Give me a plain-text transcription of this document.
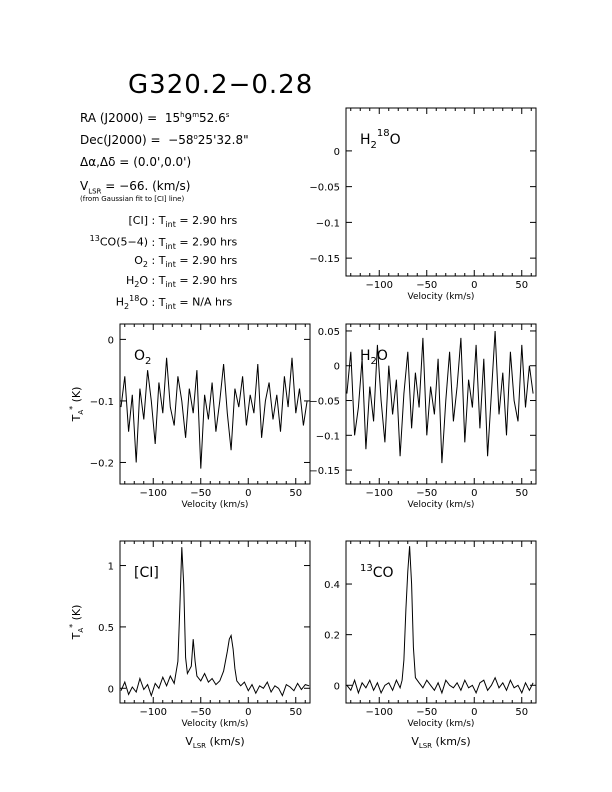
G320.2−0.28
RA $(J2000) = 15^h9^m52.6^s$
$Dec(J2000) = -58^o25'32.8$"
Δα,Δδ = (0.0',0.0')
$V_{LSR} = -66$. (km/s)
(from Gaussian fit to [CI] line)
[CI] : $T_{int} = 2.90$ hrs
$^{13}$CO(5−4) : $T_{int} = 2.90$ hrs
$O_2$ : $T_{int} = 2.90$ hrs
$H_2O$ : $T_{int} = 2.90$ hrs
$H_2^{18}O$ : $T_{int} = N/A$ hrs
−100 −50	0	50
0
−0.05
−0.1
−0.15
Velocity (km/s)
$H_2^{18}O$
−100 −50	0	50
0
−0.1
−0.2
Velocity (km/s)
$T_A^*$ (K)
$O_2$
−100 −50	0	50
0.05
0
−0.05
−0.1
−0.15
Velocity (km/s)
$H_2O$
−100 −50	0	50
0
0.5
1
Velocity (km/s)
$T_A^*$ (K)
[CI]
−100 −50	0	50
0
0.2
0.4
Velocity (km/s)
$^{13}$CO
$V_{LSR}$ (km/s)	$V_{LSR}$ (km/s)
